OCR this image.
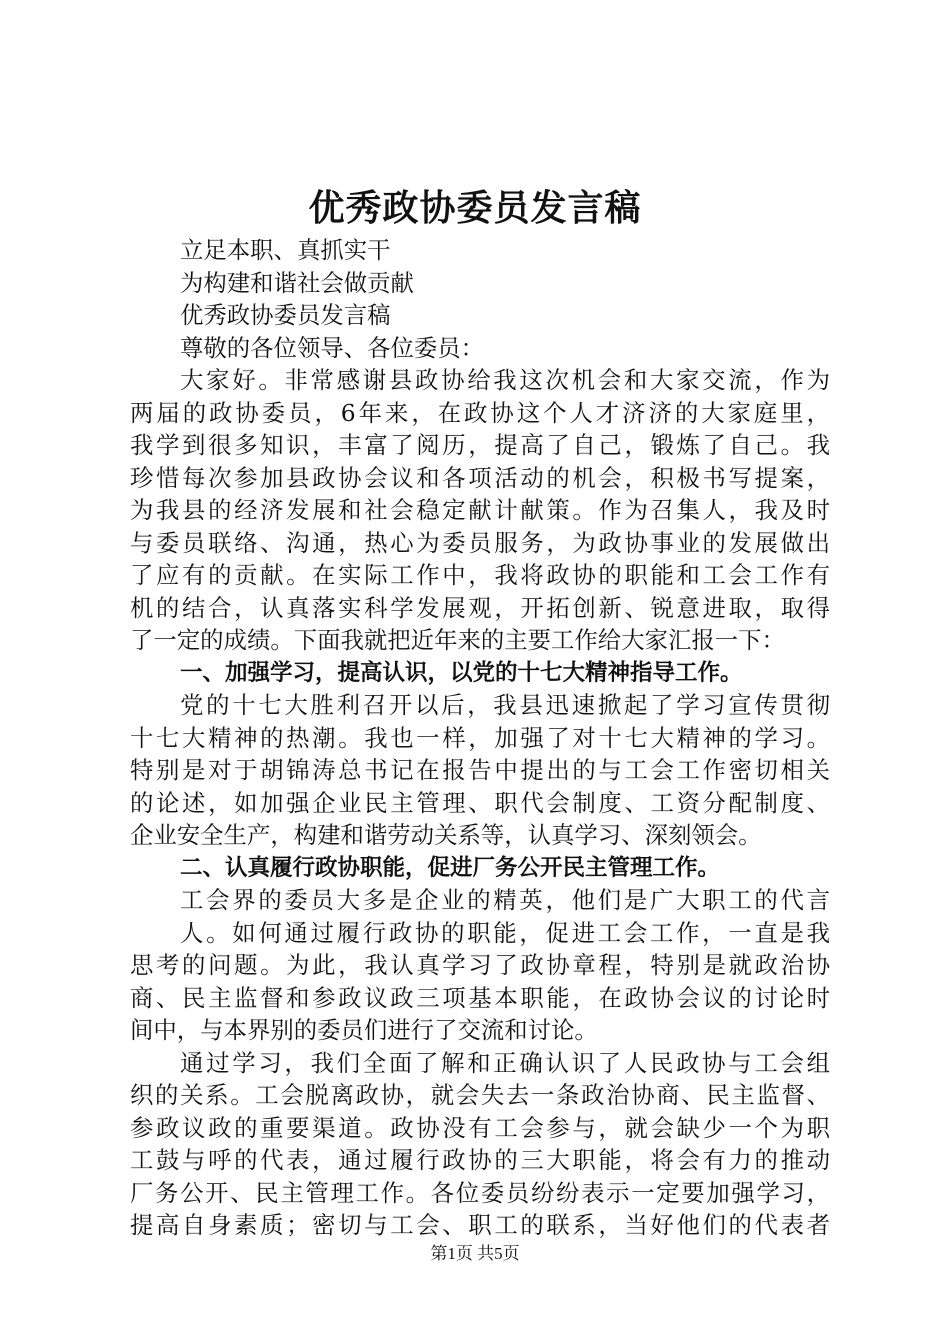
优秀政协委员发言稿

立足本职、真抓实干

为构建和谐社会做贡献

优秀政协委员发言稿

尊敬的各位领导、各位委员：

大家好。非常感谢县政协给我这次机会和大家交流，作为

两届的政协委员，6年来，在政协这个人才济济的大家庭里，

我学到很多知识，丰富了阅历，提高了自己，锻炼了自己。我

珍惜每次参加县政协会议和各项活动的机会，积极书写提案，

为我县的经济发展和社会稳定献计献策。作为召集人，我及时

与委员联络、沟通，热心为委员服务，为政协事业的发展做出

了应有的贡献。在实际工作中，我将政协的职能和工会工作有

机的结合，认真落实科学发展观，开拓创新、锐意进取，取得

了一定的成绩。下面我就把近年来的主要工作给大家汇报一下：

一、加强学习，提高认识，以党的十七大精神指导工作。

党的十七大胜利召开以后，我县迅速掀起了学习宣传贯彻

十七大精神的热潮。我也一样，加强了对十七大精神的学习。

特别是对于胡锦涛总书记在报告中提出的与工会工作密切相关

的论述，如加强企业民主管理、职代会制度、工资分配制度、

企业安全生产，构建和谐劳动关系等，认真学习、深刻领会。

二、认真履行政协职能，促进厂务公开民主管理工作。

工会界的委员大多是企业的精英，他们是广大职工的代言

人。如何通过履行政协的职能，促进工会工作，一直是我

思考的问题。为此，我认真学习了政协章程，特别是就政治协

商、民主监督和参政议政三项基本职能，在政协会议的讨论时

间中，与本界别的委员们进行了交流和讨论。

通过学习，我们全面了解和正确认识了人民政协与工会组

织的关系。工会脱离政协，就会失去一条政治协商、民主监督、

参政议政的重要渠道。政协没有工会参与，就会缺少一个为职

工鼓与呼的代表，通过履行政协的三大职能，将会有力的推动

厂务公开、民主管理工作。各位委员纷纷表示一定要加强学习，

提高自身素质；密切与工会、职工的联系，当好他们的代表者

第1页 共5页
